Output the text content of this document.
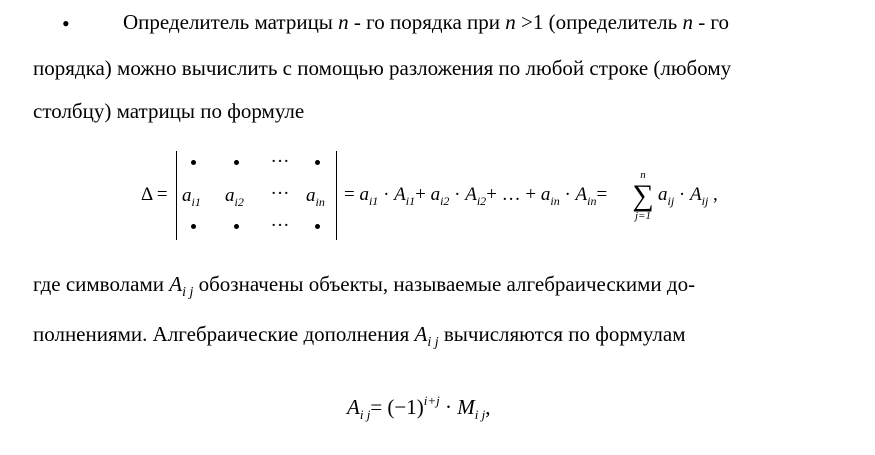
•	Определитель матрицы n - го порядка при n >1 (определитель n - го
порядка) можно вычислить с помощью разложения по любой строке (любому
столбцу) матрицы по формуле
Δ =
···
$a_{i1}$ $a_{i2}$ ··· $a_{in}$
···
= $a_{i1} \cdot A_{i1}+ a_{i2} \cdot A_{i2}+$ … + $a_{in} \cdot A_{in}=$
n
∑
j=1
$a_{ij} \cdot A_{ij}$ ,
где символами $A_{i j}$ обозначены объекты, называемые алгебраическими до-
полнениями. Алгебраические дополнения $A_{i j}$ вычисляются по формулам
$A_{i j}= (-1)^{i+j} \cdot M_{i j}$,
